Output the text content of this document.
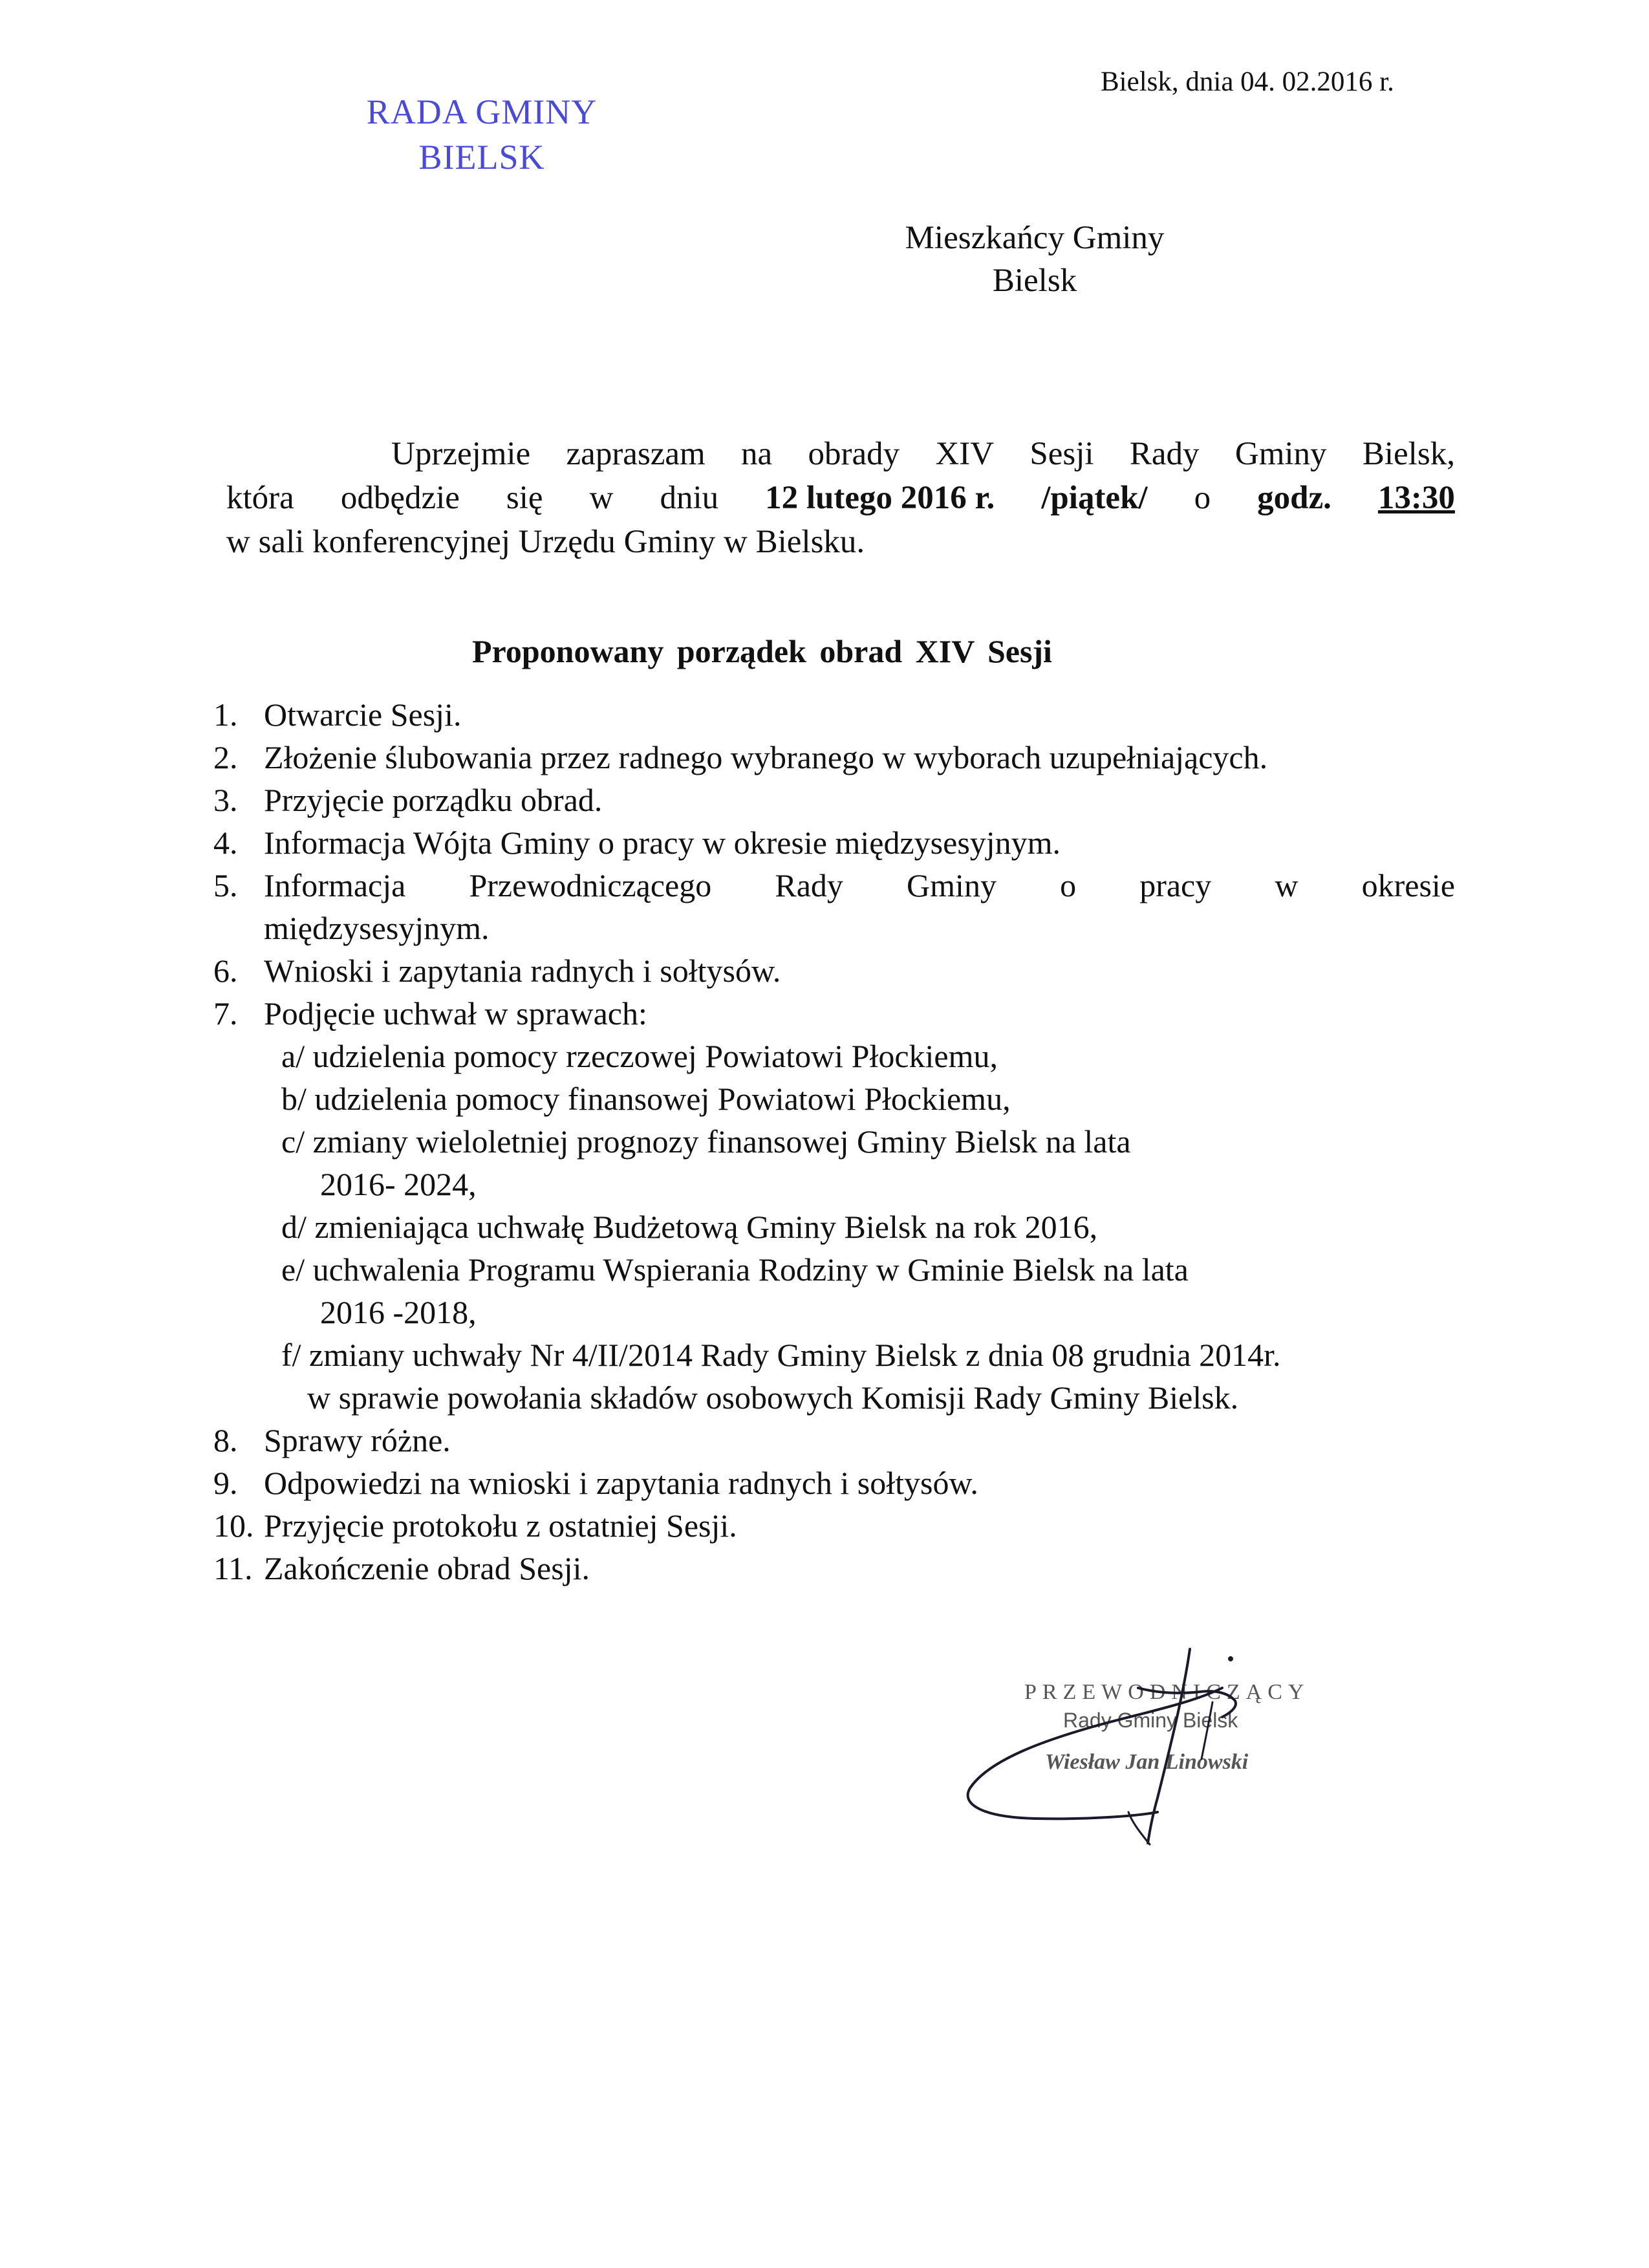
RADA GMINY
BIELSK
Bielsk, dnia 04. 02.2016 r.
Mieszkańcy Gminy
Bielsk
Uprzejmie zapraszam na obrady XIV Sesji Rady Gminy Bielsk,
która odbędzie się w dniu 12 lutego 2016 r. /piątek/ o godz. 13:30
w sali konferencyjnej Urzędu Gminy w Bielsku.
Proponowany porządek obrad XIV Sesji
1. Otwarcie Sesji.
2. Złożenie ślubowania przez radnego wybranego w wyborach uzupełniających.
3. Przyjęcie porządku obrad.
4. Informacja Wójta Gminy o pracy w okresie międzysesyjnym.
5. Informacja Przewodniczącego Rady Gminy o pracy w okresie
międzysesyjnym.
6. Wnioski i zapytania radnych i sołtysów.
7. Podjęcie uchwał w sprawach:
a/ udzielenia pomocy rzeczowej Powiatowi Płockiemu,
b/ udzielenia pomocy finansowej Powiatowi Płockiemu,
c/ zmiany wieloletniej prognozy finansowej Gminy Bielsk na lata
2016- 2024,
d/ zmieniająca uchwałę Budżetową Gminy Bielsk na rok 2016,
e/ uchwalenia Programu Wspierania Rodziny w Gminie Bielsk na lata
2016 -2018,
f/ zmiany uchwały Nr 4/II/2014 Rady Gminy Bielsk z dnia 08 grudnia 2014r.
w sprawie powołania składów osobowych Komisji Rady Gminy Bielsk.
8. Sprawy różne.
9. Odpowiedzi na wnioski i zapytania radnych i sołtysów.
10. Przyjęcie protokołu z ostatniej Sesji.
11. Zakończenie obrad Sesji.
PRZEWODNICZĄCY
Rady Gminy Bielsk
Wiesław Jan Linowski
